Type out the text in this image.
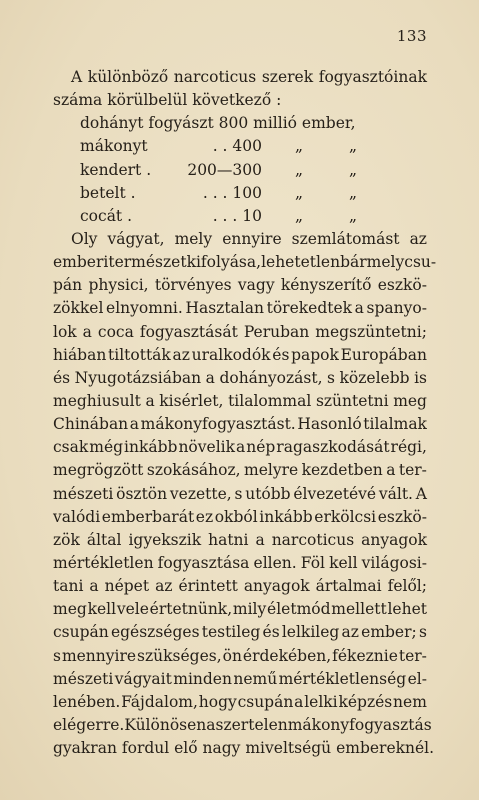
133
A különböző narcoticus szerek fogyasztóinak
száma körülbelül következő :
dohányt fogyászt 800 millió ember,
mákonyt	. . 400	„	„
kendert .	200—300	„	„
betelt .	. . . 100	„	„
cocát .	. . . 10	„	„
Oly vágyat, mely ennyire szemlátomást az
emberi természet kifolyása, lehetetlen bármely csu-
pán physici, törvényes vagy kényszerítő eszkö-
zökkel elnyomni. Hasztalan törekedtek a spanyo-
lok a coca fogyasztását Peruban megszüntetni;
hiában tiltották az uralkodók és papok Europában
és Nyugotázsiában a dohányozást, s közelebb is
meghiusult a kisérlet, tilalommal szüntetni meg
Chinában a mákonyfogyasztást. Hasonló tilalmak
csak még inkább növelik a nép ragaszkodását régi,
megrögzött szokásához, melyre kezdetben a ter-
mészeti ösztön vezette, s utóbb élvezetévé vált. A
valódi emberbarát ez okból inkább erkölcsi eszkö-
zök által igyekszik hatni a narcoticus anyagok
mértékletlen fogyasztása ellen. Föl kell világosi-
tani a népet az érintett anyagok ártalmai felől;
meg kell vele értetnünk, mily életmód mellett lehet
csupán egészséges testileg és lelkileg az ember; s
s mennyire szükséges, ön érdekében, fékeznie ter-
mészeti vágyait minden nemű mértékletlenség el-
lenében. Fájdalom, hogy csupán a lelki képzés nem
elég erre. Különösen a szertelen mákonyfogyasztás
gyakran fordul elő nagy miveltségü embereknél.
